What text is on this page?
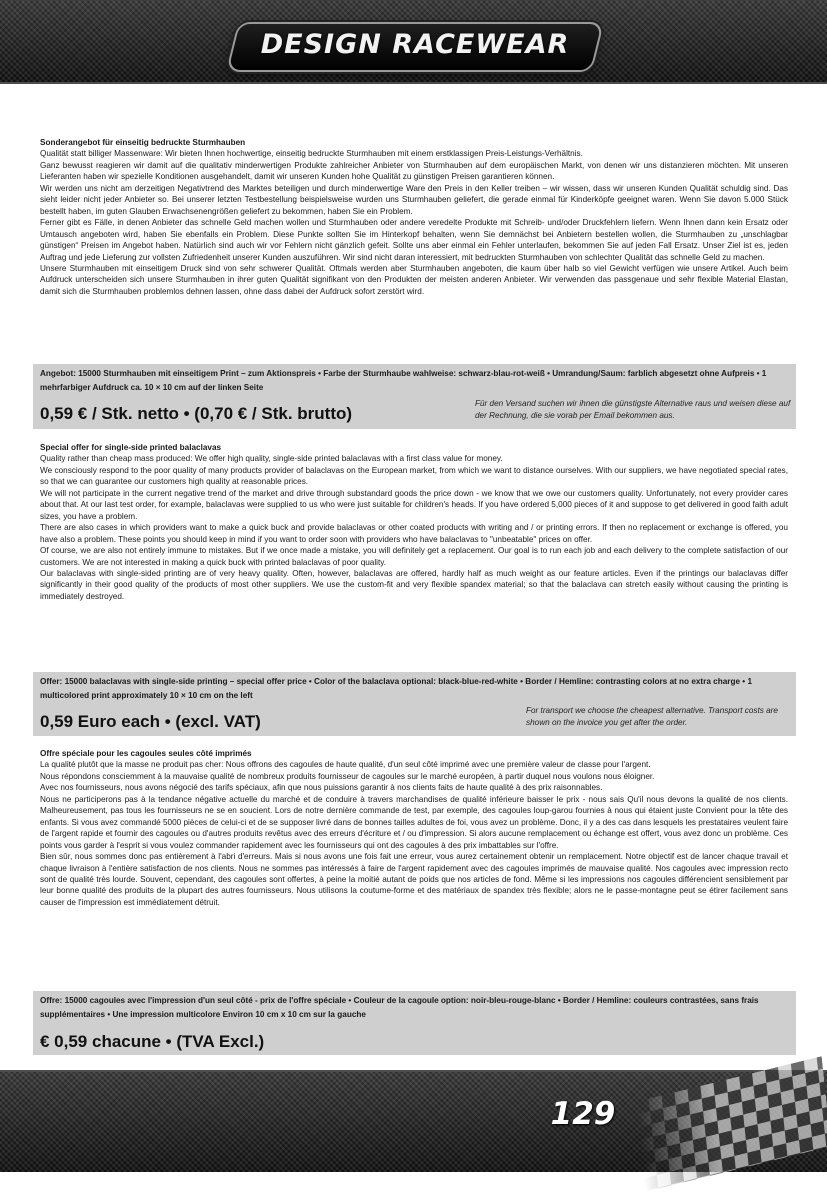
DESIGN RACEWEAR
Sonderangebot für einseitig bedruckte Sturmhauben

Qualität statt billiger Massenware: Wir bieten Ihnen hochwertige, einseitig bedruckte Sturmhauben mit einem erstklassigen Preis-Leistungs-Verhältnis.

Ganz bewusst reagieren wir damit auf die qualitativ minderwertigen Produkte zahlreicher Anbieter von Sturmhauben auf dem europäischen Markt, von denen wir uns distanzieren möchten. Mit unseren Lieferanten haben wir spezielle Konditionen ausgehandelt, damit wir unseren Kunden hohe Qualität zu günstigen Preisen garantieren können.

Wir werden uns nicht am derzeitigen Negativtrend des Marktes beteiligen und durch minderwertige Ware den Preis in den Keller treiben – wir wissen, dass wir unseren Kunden Qualität schuldig sind. Das sieht leider nicht jeder Anbieter so. Bei unserer letzten Testbestellung beispielsweise wurden uns Sturmhauben geliefert, die gerade einmal für Kinderköpfe geeignet waren. Wenn Sie davon 5.000 Stück bestellt haben, im guten Glauben Erwachsenengrößen geliefert zu bekommen, haben Sie ein Problem.

Ferner gibt es Fälle, in denen Anbieter das schnelle Geld machen wollen und Sturmhauben oder andere veredelte Produkte mit Schreib- und/oder Druckfehlern liefern. Wenn Ihnen dann kein Ersatz oder Umtausch angeboten wird, haben Sie ebenfalls ein Problem. Diese Punkte sollten Sie im Hinterkopf behalten, wenn Sie demnächst bei Anbietern bestellen wollen, die Sturmhauben zu „unschlagbar günstigen“ Preisen im Angebot haben. Natürlich sind auch wir vor Fehlern nicht gänzlich gefeit. Sollte uns aber einmal ein Fehler unterlaufen, bekommen Sie auf jeden Fall Ersatz. Unser Ziel ist es, jeden Auftrag und jede Lieferung zur vollsten Zufriedenheit unserer Kunden auszuführen. Wir sind nicht daran interessiert, mit bedruckten Sturmhauben von schlechter Qualität das schnelle Geld zu machen.

Unsere Sturmhauben mit einseitigem Druck sind von sehr schwerer Qualität. Oftmals werden aber Sturmhauben angeboten, die kaum über halb so viel Gewicht verfügen wie unsere Artikel. Auch beim Aufdruck unterscheiden sich unsere Sturmhauben in ihrer guten Qualität signifikant von den Produkten der meisten anderen Anbieter. Wir verwenden das passgenaue und sehr flexible Material Elastan, damit sich die Sturmhauben problemlos dehnen lassen, ohne dass dabei der Aufdruck sofort zerstört wird.

Angebot: 15000 Sturmhauben mit einseitigem Print – zum Aktionspreis • Farbe der Sturmhaube wahlweise: schwarz-blau-rot-weiß • Umrandung/Saum: farblich abgesetzt ohne Aufpreis • 1 mehrfarbiger Aufdruck ca. 10 × 10 cm auf der linken Seite
0,59 € / Stk. netto • (0,70 € / Stk. brutto)
Für den Versand suchen wir ihnen die günstigste Alternative raus und weisen diese auf der Rechnung, die sie vorab per Email bekommen aus.
Special offer for single-side printed balaclavas

Quality rather than cheap mass produced: We offer high quality, single-side printed balaclavas with a first class value for money.

We consciously respond to the poor quality of many products provider of balaclavas on the European market, from which we want to distance ourselves. With our suppliers, we have negotiated special rates, so that we can guarantee our customers high quality at reasonable prices.

We will not participate in the current negative trend of the market and drive through substandard goods the price down - we know that we owe our customers quality. Unfortunately, not every provider cares about that. At our last test order, for example, balaclavas were supplied to us who were just suitable for children's heads. If you have ordered 5,000 pieces of it and suppose to get delivered in good faith adult sizes, you have a problem.

There are also cases in which providers want to make a quick buck and provide balaclavas or other coated products with writing and / or printing errors. If then no replacement or exchange is offered, you have also a problem. These points you should keep in mind if you want to order soon with providers who have balaclavas to "unbeatable" prices on offer.

Of course, we are also not entirely immune to mistakes. But if we once made a mistake, you will definitely get a replacement. Our goal is to run each job and each delivery to the complete satisfaction of our customers. We are not interested in making a quick buck with printed balaclavas of poor quality.

Our balaclavas with single-sided printing are of very heavy quality. Often, however, balaclavas are offered, hardly half as much weight as our feature articles. Even if the printings our balaclavas differ significantly in their good quality of the products of most other suppliers. We use the custom-fit and very flexible spandex material; so that the balaclava can stretch easily without causing the printing is immediately destroyed.

Offer: 15000 balaclavas with single-side printing – special offer price • Color of the balaclava optional: black-blue-red-white • Border / Hemline: contrasting colors at no extra charge • 1 multicolored print approximately 10 × 10 cm on the left
0,59 Euro each • (excl. VAT)
For transport we choose the cheapest alternative. Transport costs are shown on the invoice you get after the order.
Offre spéciale pour les cagoules seules côté imprimés

La qualité plutôt que la masse ne produit pas cher: Nous offrons des cagoules de haute qualité, d'un seul côté imprimé avec une première valeur de classe pour l'argent.

Nous répondons consciemment à la mauvaise qualité de nombreux produits fournisseur de cagoules sur le marché européen, à partir duquel nous voulons nous éloigner.

Avec nos fournisseurs, nous avons négocié des tarifs spéciaux, afin que nous puissions garantir à nos clients faits de haute qualité à des prix raisonnables.

Nous ne participerons pas à la tendance négative actuelle du marché et de conduire à travers marchandises de qualité inférieure baisser le prix - nous sais Qu'il nous devons la qualité de nos clients. Malheureusement, pas tous les fournisseurs ne se en soucient. Lors de notre dernière commande de test, par exemple, des cagoules loup-garou fournies à nous qui étaient juste Convient pour la tête des enfants. Si vous avez commandé 5000 pièces de celui-ci et de se supposer livré dans de bonnes tailles adultes de foi, vous avez un problème. Donc, il y a des cas dans lesquels les prestataires veulent faire de l'argent rapide et fournir des cagoules ou d'autres produits revêtus avec des erreurs d'écriture et / ou d'impression. Si alors aucune remplacement ou échange est offert, vous avez donc un problème. Ces points vous garder à l'esprit si vous voulez commander rapidement avec les fournisseurs qui ont des cagoules à des prix imbattables sur l'offre.

Bien sûr, nous sommes donc pas entièrement à l'abri d'erreurs. Mais si nous avons une fois fait une erreur, vous aurez certainement obtenir un remplacement. Notre objectif est de lancer chaque travail et chaque livraison à l'entière satisfaction de nos clients. Nous ne sommes pas intéressés à faire de l'argent rapidement avec des cagoules imprimés de mauvaise qualité. Nos cagoules avec impression recto sont de qualité très lourde. Souvent, cependant, des cagoules sont offertes, à peine la moitié autant de poids que nos articles de fond. Même si les impressions nos cagoules différencient sensiblement par leur bonne qualité des produits de la plupart des autres fournisseurs. Nous utilisons la coutume-forme et des matériaux de spandex très flexible; alors ne le passe-montagne peut se étirer facilement sans causer de l'impression est immédiatement détruit.

Offre: 15000 cagoules avec l'impression d'un seul côté - prix de l'offre spéciale • Couleur de la cagoule option: noir-bleu-rouge-blanc • Border / Hemline: couleurs contrastées, sans frais supplémentaires • Une impression multicolore Environ 10 cm x 10 cm sur la gauche
€ 0,59 chacune • (TVA Excl.)
129
